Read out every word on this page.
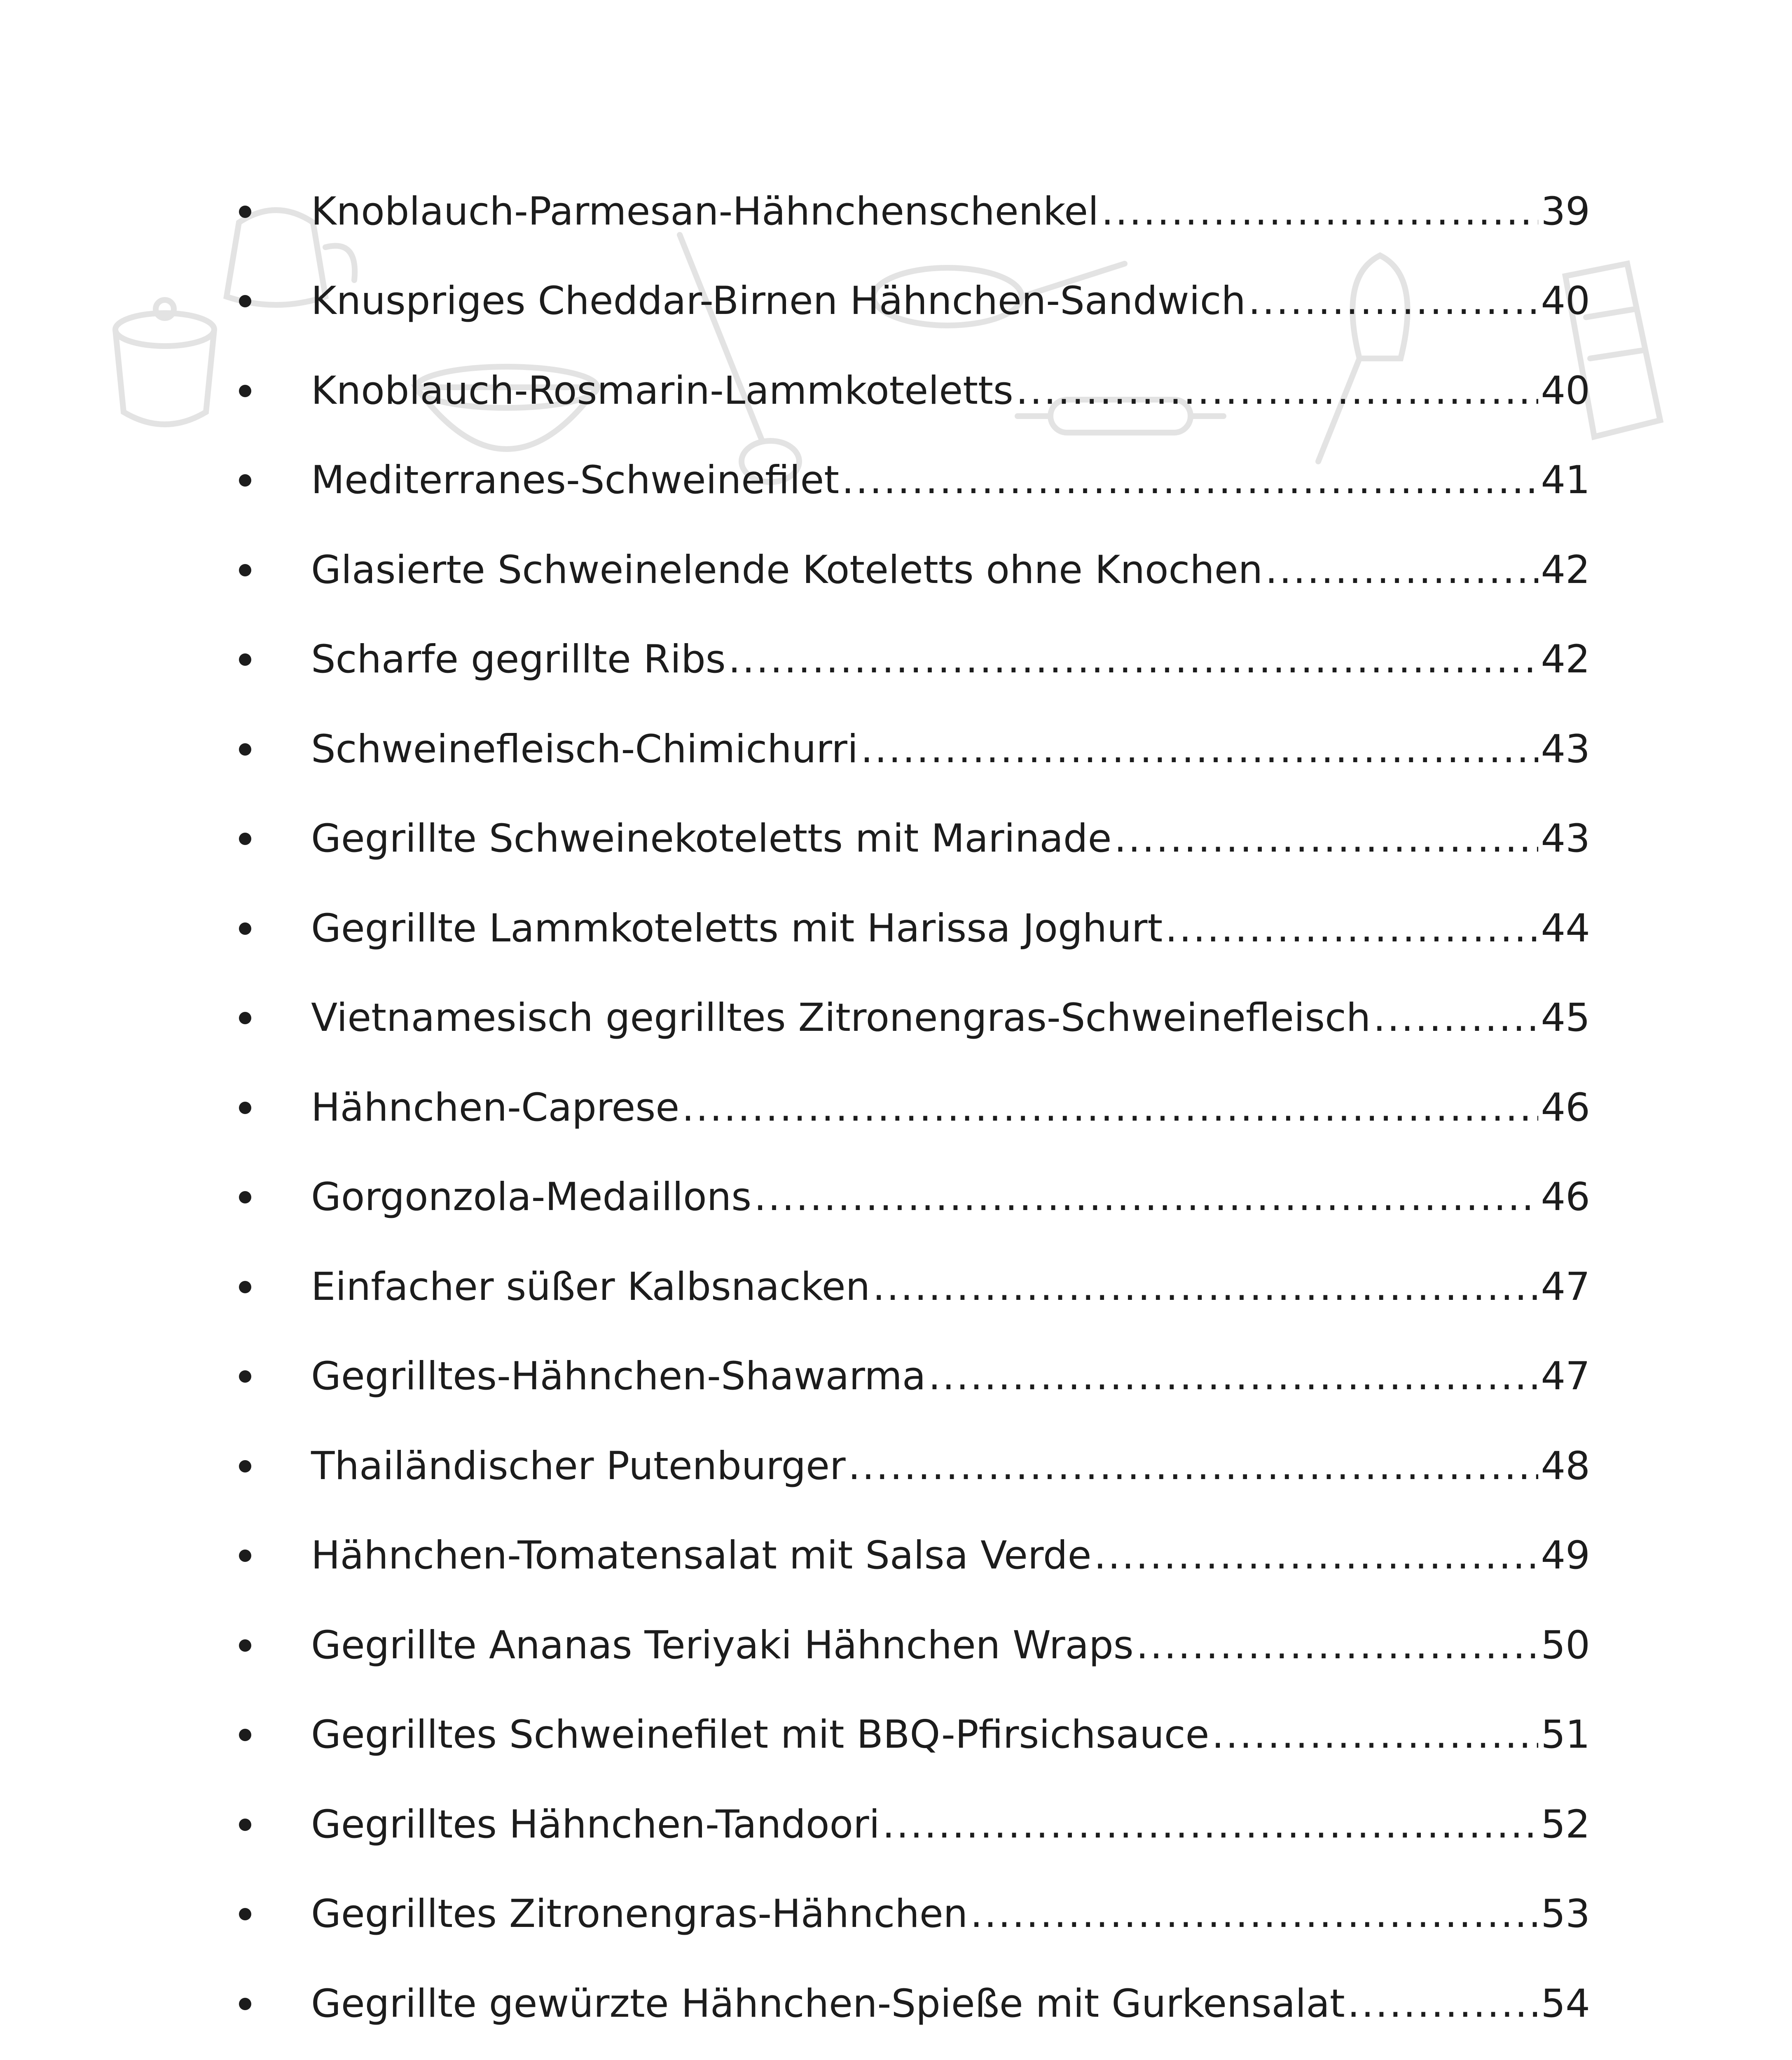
Knoblauch-Parmesan-Hähnchenschenkel .....	39
Knuspriges Cheddar-Birnen Hähnchen-Sandwich .....	40
Knoblauch-Rosmarin-Lammkoteletts .....	40
Mediterranes-Schweinefilet .....	41
Glasierte Schweinelende Koteletts ohne Knochen .....	42
Scharfe gegrillte Ribs .....	42
Schweinefleisch-Chimichurri .....	43
Gegrillte Schweinekoteletts mit Marinade .....	43
Gegrillte Lammkoteletts mit Harissa Joghurt .....	44
Vietnamesisch gegrilltes Zitronengras-Schweinefleisch .....	45
Hähnchen-Caprese .....	46
Gorgonzola-Medaillons .....	46
Einfacher süßer Kalbsnacken .....	47
Gegrilltes-Hähnchen-Shawarma .....	47
Thailändischer Putenburger .....	48
Hähnchen-Tomatensalat mit Salsa Verde .....	49
Gegrillte Ananas Teriyaki Hähnchen Wraps .....	50
Gegrilltes Schweinefilet mit BBQ-Pfirsichsauce .....	51
Gegrilltes Hähnchen-Tandoori .....	52
Gegrilltes Zitronengras-Hähnchen .....	53
Gegrillte gewürzte Hähnchen-Spieße mit Gurkensalat .....	54
